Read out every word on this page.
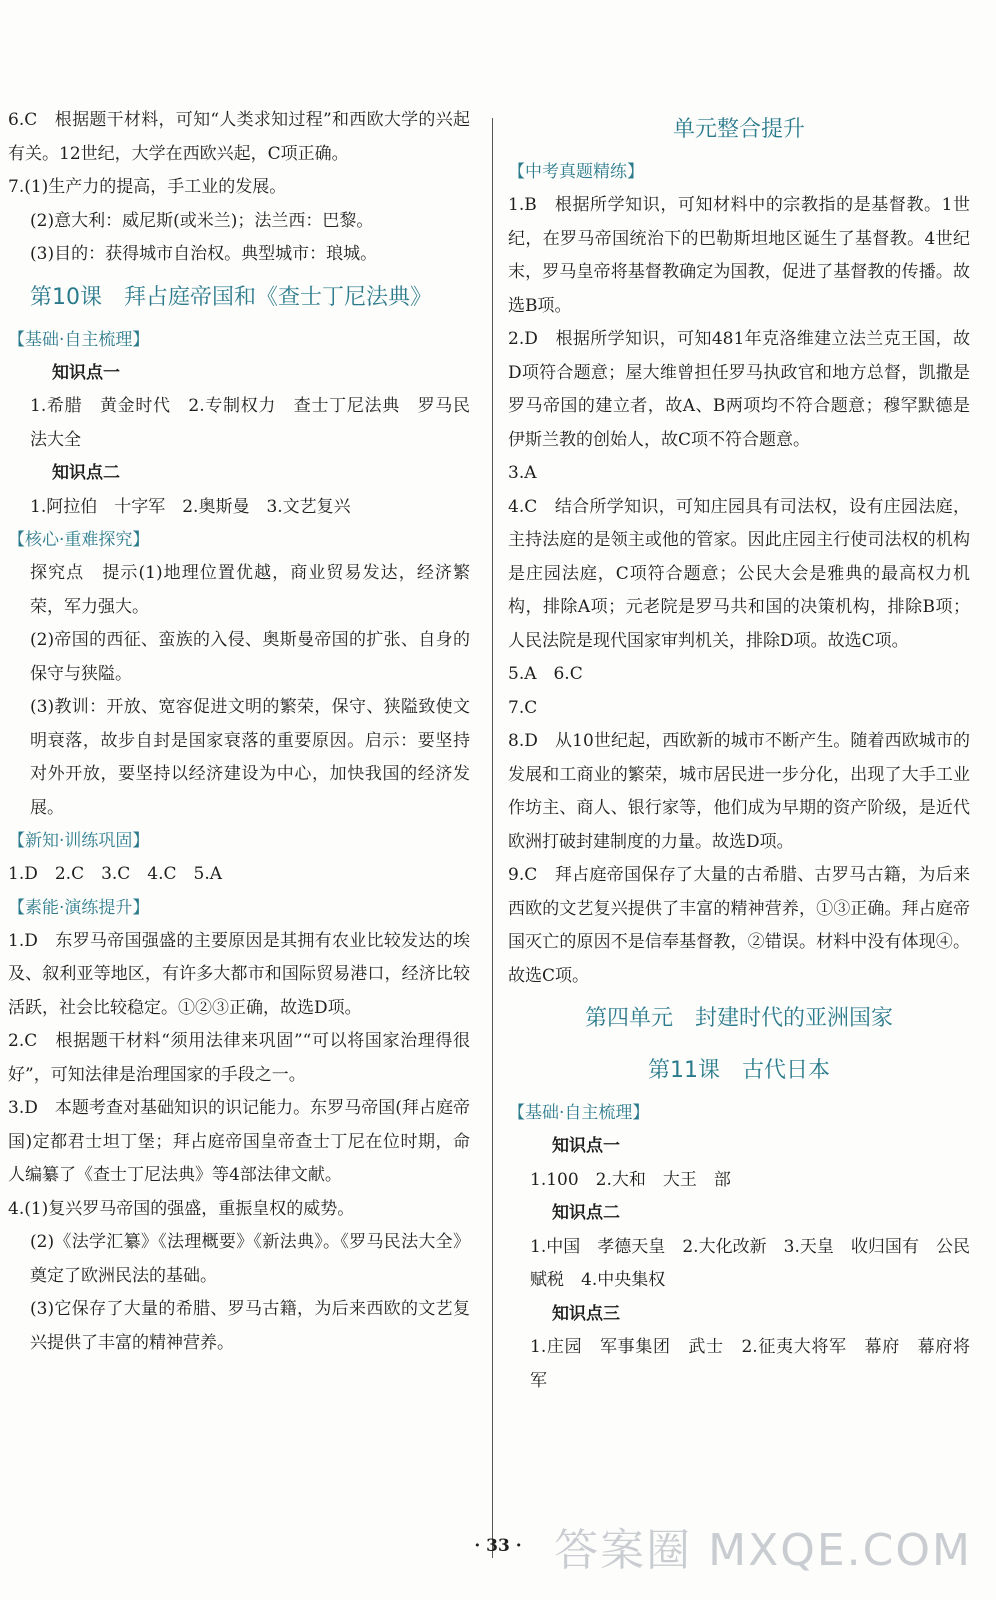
6.C　根据题干材料，可知“人类求知过程”和西欧大学的兴起有关。12世纪，大学在西欧兴起，C项正确。

7.(1)生产力的提高，手工业的发展。

(2)意大利：威尼斯(或米兰)；法兰西：巴黎。

(3)目的：获得城市自治权。典型城市：琅城。

第10课　拜占庭帝国和《查士丁尼法典》

【基础·自主梳理】

知识点一

1.希腊　黄金时代　2.专制权力　查士丁尼法典　罗马民法大全

知识点二

1.阿拉伯　十字军　2.奥斯曼　3.文艺复兴

【核心·重难探究】

探究点　提示(1)地理位置优越，商业贸易发达，经济繁荣，军力强大。

(2)帝国的西征、蛮族的入侵、奥斯曼帝国的扩张、自身的保守与狭隘。

(3)教训：开放、宽容促进文明的繁荣，保守、狭隘致使文明衰落，故步自封是国家衰落的重要原因。启示：要坚持对外开放，要坚持以经济建设为中心，加快我国的经济发展。

【新知·训练巩固】

1.D　2.C　3.C　4.C　5.A

【素能·演练提升】

1.D　东罗马帝国强盛的主要原因是其拥有农业比较发达的埃及、叙利亚等地区，有许多大都市和国际贸易港口，经济比较活跃，社会比较稳定。①②③正确，故选D项。

2.C　根据题干材料“须用法律来巩固”“可以将国家治理得很好”，可知法律是治理国家的手段之一。

3.D　本题考查对基础知识的识记能力。东罗马帝国(拜占庭帝国)定都君士坦丁堡；拜占庭帝国皇帝查士丁尼在位时期，命人编纂了《查士丁尼法典》等4部法律文献。

4.(1)复兴罗马帝国的强盛，重振皇权的威势。

(2)《法学汇纂》《法理概要》《新法典》。《罗马民法大全》奠定了欧洲民法的基础。

(3)它保存了大量的希腊、罗马古籍，为后来西欧的文艺复兴提供了丰富的精神营养。

单元整合提升

【中考真题精练】

1.B　根据所学知识，可知材料中的宗教指的是基督教。1世纪，在罗马帝国统治下的巴勒斯坦地区诞生了基督教。4世纪末，罗马皇帝将基督教确定为国教，促进了基督教的传播。故选B项。

2.D　根据所学知识，可知481年克洛维建立法兰克王国，故D项符合题意；屋大维曾担任罗马执政官和地方总督，凯撒是罗马帝国的建立者，故A、B两项均不符合题意；穆罕默德是伊斯兰教的创始人，故C项不符合题意。

3.A

4.C　结合所学知识，可知庄园具有司法权，设有庄园法庭，主持法庭的是领主或他的管家。因此庄园主行使司法权的机构是庄园法庭，C项符合题意；公民大会是雅典的最高权力机构，排除A项；元老院是罗马共和国的决策机构，排除B项；人民法院是现代国家审判机关，排除D项。故选C项。

5.A　6.C

7.C

8.D　从10世纪起，西欧新的城市不断产生。随着西欧城市的发展和工商业的繁荣，城市居民进一步分化，出现了大手工业作坊主、商人、银行家等，他们成为早期的资产阶级，是近代欧洲打破封建制度的力量。故选D项。

9.C　拜占庭帝国保存了大量的古希腊、古罗马古籍，为后来西欧的文艺复兴提供了丰富的精神营养，①③正确。拜占庭帝国灭亡的原因不是信奉基督教，②错误。材料中没有体现④。故选C项。

第四单元　封建时代的亚洲国家

第11课　古代日本

【基础·自主梳理】

知识点一

1.100　2.大和　大王　部

知识点二

1.中国　孝德天皇　2.大化改新　3.天皇　收归国有　公民　赋税　4.中央集权

知识点三

1.庄园　军事集团　武士　2.征夷大将军　幕府　幕府将军

· 33 · 答案圈 MXQE.COM
